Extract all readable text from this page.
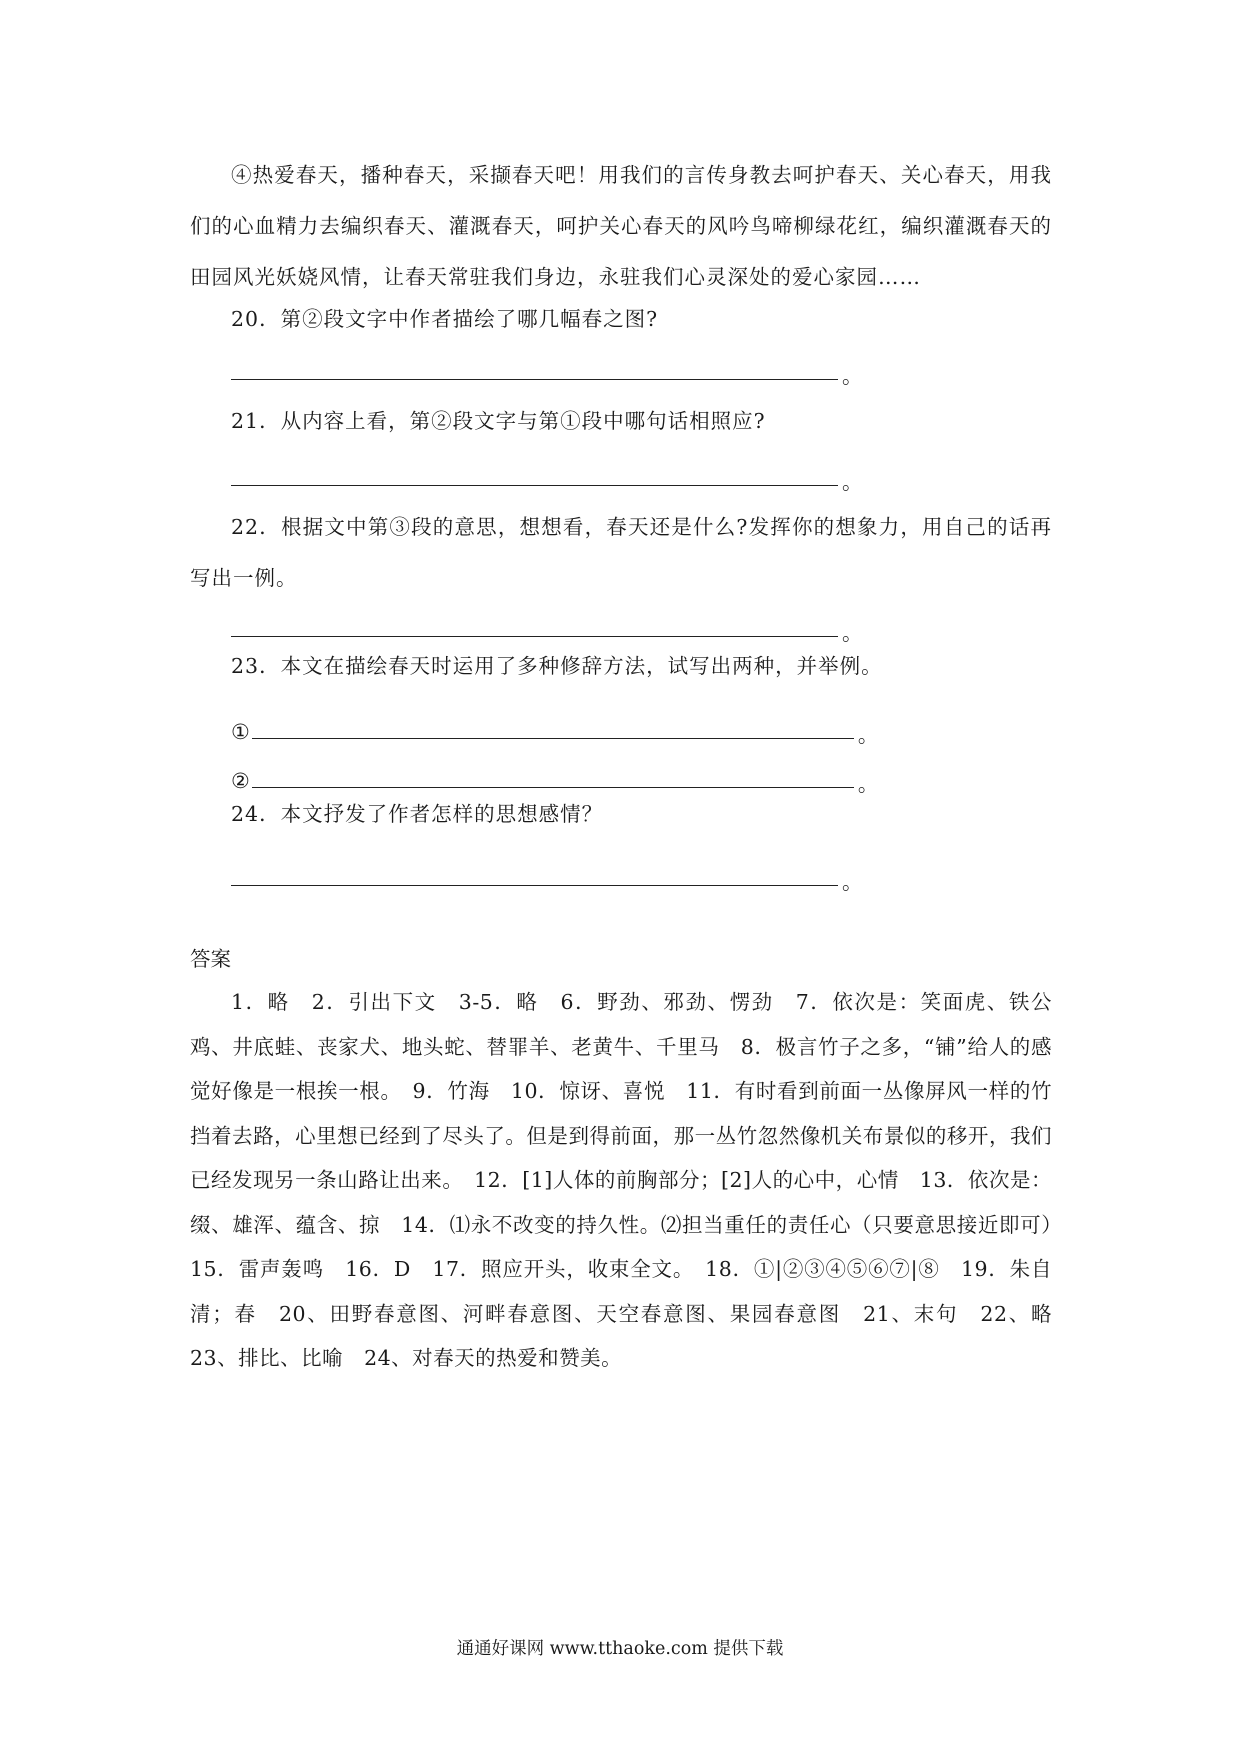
④热爱春天，播种春天，采撷春天吧！用我们的言传身教去呵护春天、关心春天，用我们的心血精力去编织春天、灌溉春天，呵护关心春天的风吟鸟啼柳绿花红，编织灌溉春天的田园风光妖娆风情，让春天常驻我们身边，永驻我们心灵深处的爱心家园……

20．第②段文字中作者描绘了哪几幅春之图?

。

21．从内容上看，第②段文字与第①段中哪句话相照应?

。

22．根据文中第③段的意思，想想看，春天还是什么?发挥你的想象力，用自己的话再写出一例。

。

23．本文在描绘春天时运用了多种修辞方法，试写出两种，并举例。

①	。
②	。

24．本文抒发了作者怎样的思想感情？

。

答案

1．略　2．引出下文　3-5．略　6．野劲、邪劲、愣劲　7．依次是：笑面虎、铁公鸡、井底蛙、丧家犬、地头蛇、替罪羊、老黄牛、千里马　8．极言竹子之多，“铺”给人的感觉好像是一根挨一根。　9．竹海　10．惊讶、喜悦　11．有时看到前面一丛像屏风一样的竹挡着去路，心里想已经到了尽头了。但是到得前面，那一丛竹忽然像机关布景似的移开，我们已经发现另一条山路让出来。　12．[1]人体的前胸部分；[2]人的心中，心情　13．依次是：缀、雄浑、蕴含、掠　14．⑴永不改变的持久性。⑵担当重任的责任心（只要意思接近即可）　15．雷声轰鸣　16．D　17．照应开头，收束全文。　18．①|②③④⑤⑥⑦|⑧　19．朱自清；春　20、田野春意图、河畔春意图、天空春意图、果园春意图　21、末句　22、略　23、排比、比喻　24、对春天的热爱和赞美。

通通好课网 www.tthaoke.com 提供下载
